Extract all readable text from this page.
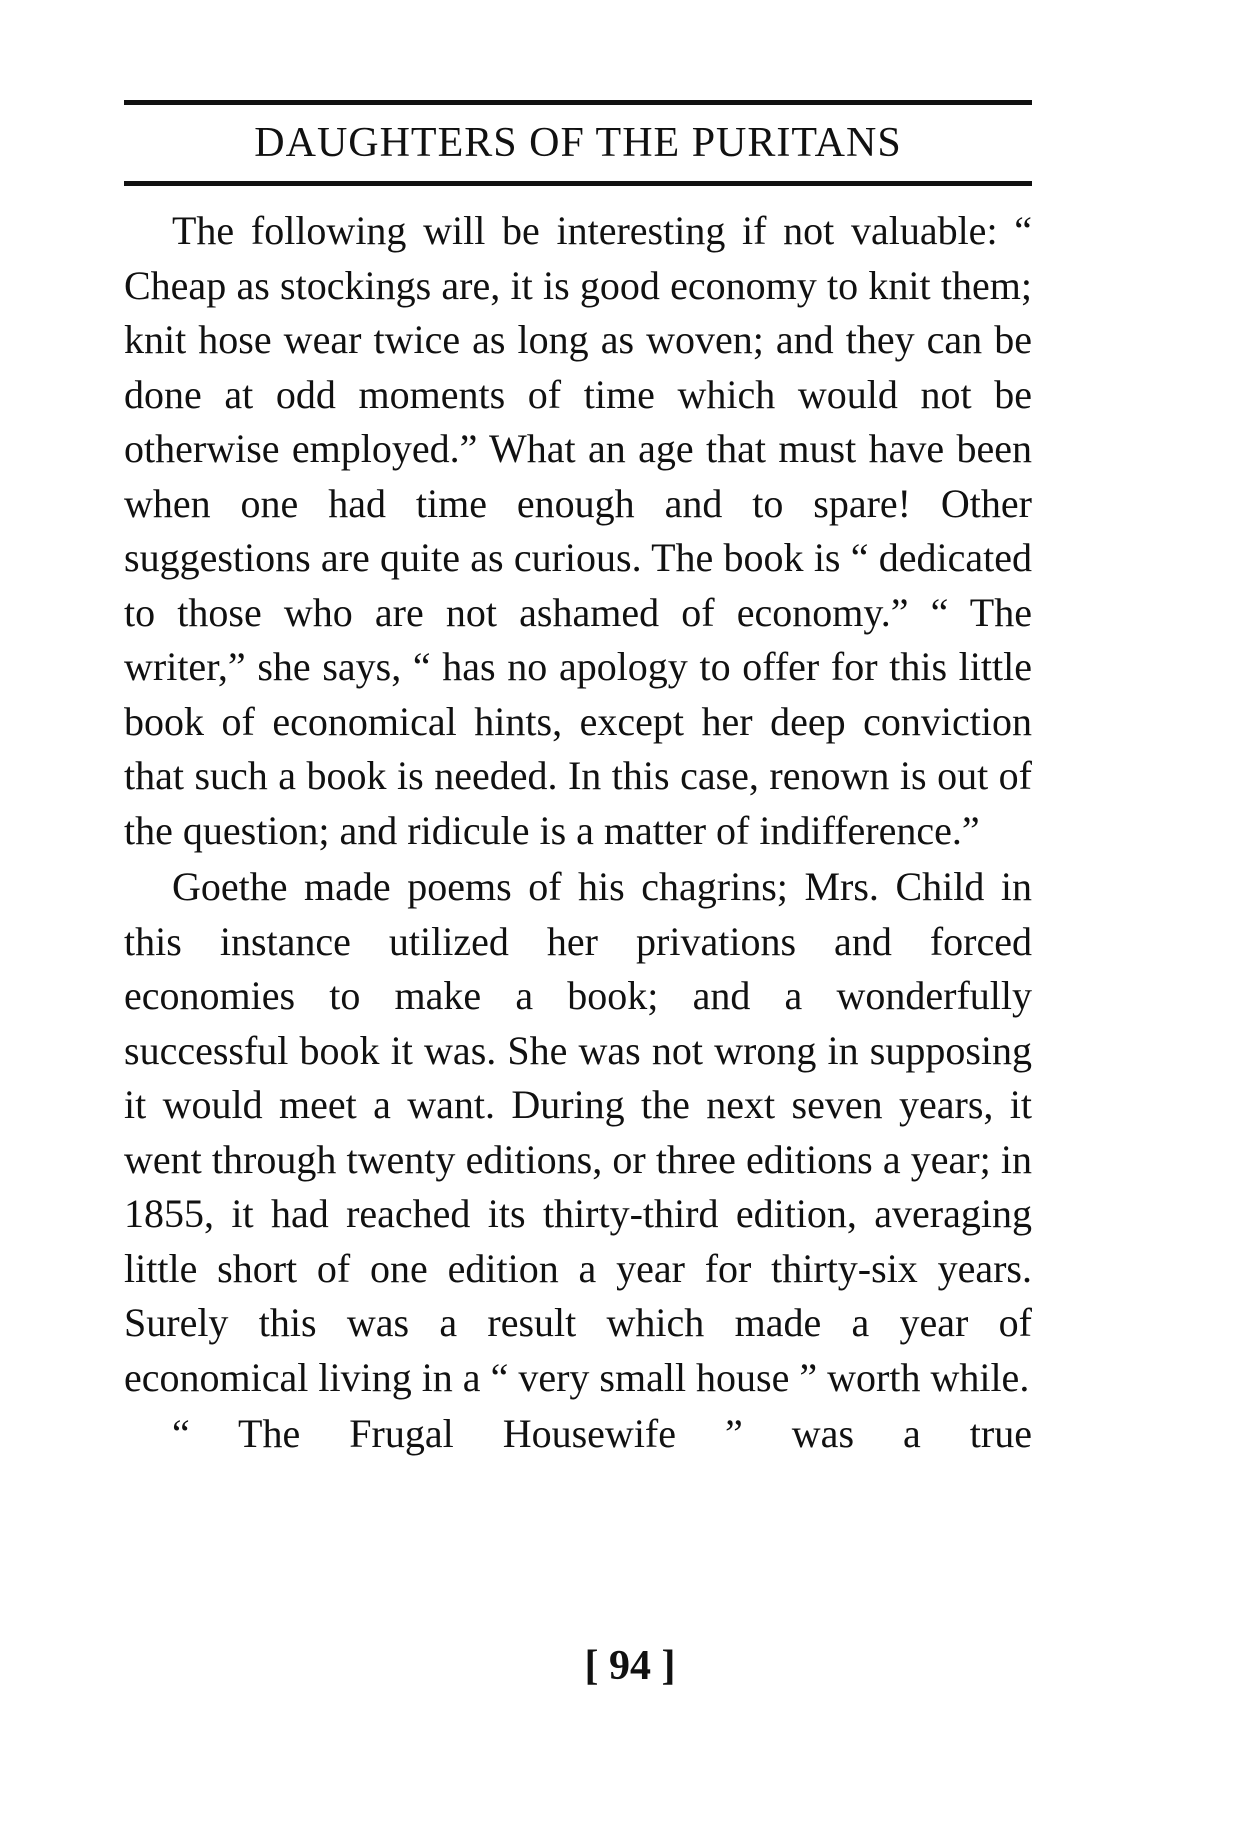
DAUGHTERS OF THE PURITANS

The following will be interesting if not valuable: “ Cheap as stockings are, it is good economy to knit them; knit hose wear twice as long as woven; and they can be done at odd moments of time which would not be otherwise employed.” What an age that must have been when one had time enough and to spare! Other suggestions are quite as curious. The book is “ dedicated to those who are not ashamed of economy.” “ The writer,” she says, “ has no apology to offer for this little book of economical hints, except her deep conviction that such a book is needed. In this case, renown is out of the question; and ridicule is a matter of indifference.”

Goethe made poems of his chagrins; Mrs. Child in this instance utilized her privations and forced economies to make a book; and a wonderfully successful book it was. She was not wrong in supposing it would meet a want. During the next seven years, it went through twenty editions, or three editions a year; in 1855, it had reached its thirty-third edition, averaging little short of one edition a year for thirty-six years. Surely this was a result which made a year of economical living in a “ very small house ” worth while.

“ The Frugal Housewife ” was a true

[ 94 ]
